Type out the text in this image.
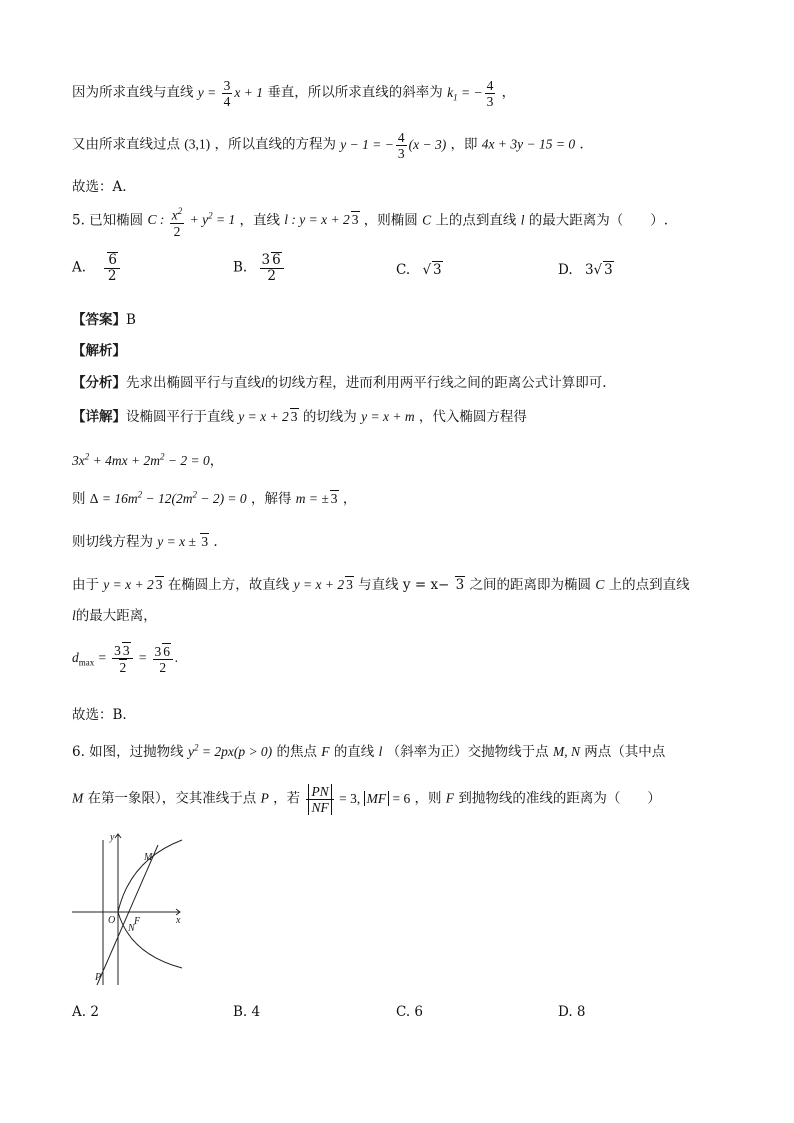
因为所求直线与直线 $y = \frac{3}{4}$ x + 1 垂直，所以所求直线的斜率为 $k_1$ = − $\frac{4}{3}$ ，
又由所求直线过点 (3,1) ，所以直线的方程为 y − 1 = − $\frac{4}{3} (x - 3)$ ，即 4x + 3y − 15 = 0 .
故选：A.
5. 已知椭圆 C : $\frac{x^2}{2} + y^2 = 1$ ，直线 l : y = x + 2 3 ，则椭圆 C 上的点到直线 l 的最大距离为（　　）.
A. $\frac{6}{2}$	B. $\frac{3 6}{2}$	C. √ 3	D. 3√ 3
【答案】B
【解析】
【分析】先求出椭圆平行与直线l的切线方程，进而利用两平行线之间的距离公式计算即可.
【详解】设椭圆平行于直线 y = x + 2 3 的切线为 y = x + m ，代入椭圆方程得
$3x^2 + 4mx + 2m^2 - 2 = 0$，
则 $\Delta = 16m^2 - 12(2m^2 - 2) = 0$ ，解得 m = ± 3 ，
则切线方程为 y = x ± 3 .
由于 y = x + 2 3 在椭圆上方，故直线 y = x + 2 3 与直线 y = x− 3 之间的距离即为椭圆 C 上的点到直线
l的最大距离，
$d_{max} = \frac{3 3}{2} = \frac{3 6}{2}$ .
故选：B.
6. 如图，过抛物线 $y^2 = 2px(p > 0)$ 的焦点 F 的直线 l （斜率为正）交抛物线于点 M, N 两点（其中点
M 在第一象限），交其准线于点 P ，若 $\frac{PN}{NF} = 3$, MF = 6 ，则 F 到抛物线的准线的距离为（　　）
y
x
O F
M
N
P
A. 2	B. 4	C. 6	D. 8
